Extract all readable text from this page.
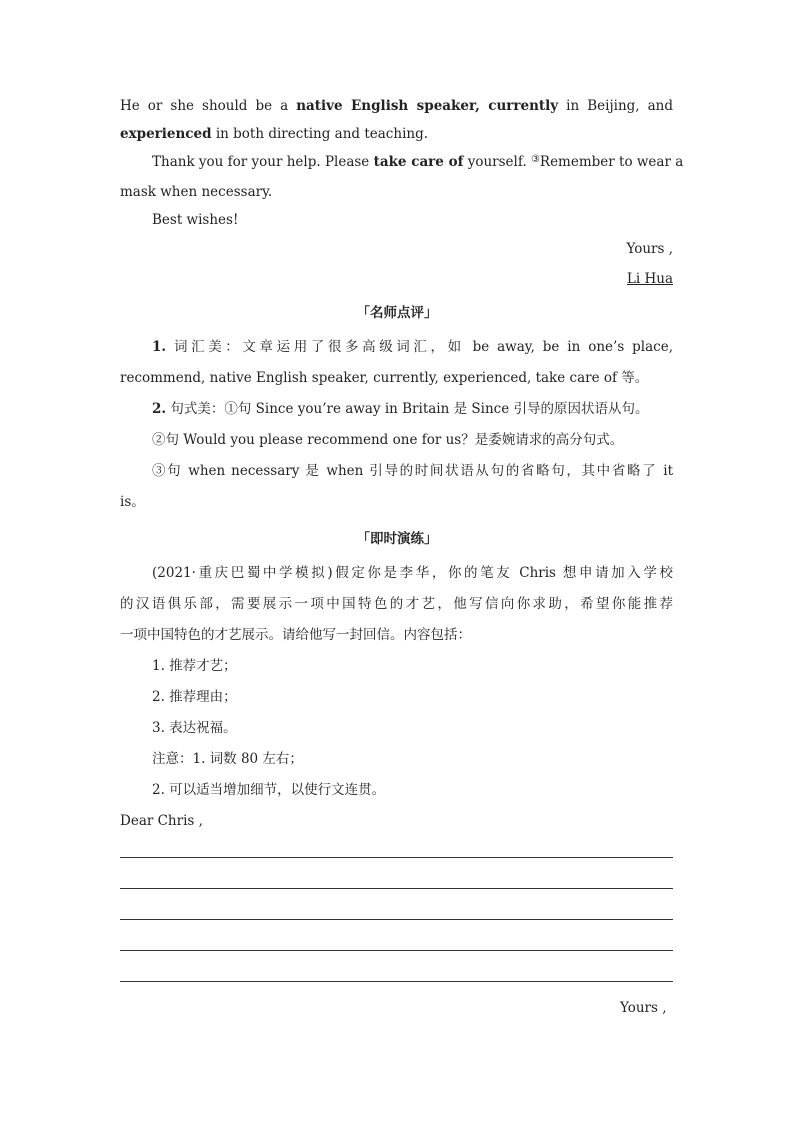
He or she should be a native English speaker, currently in Beijing, and
experienced in both directing and teaching.
Thank you for your help. Please take care of yourself. ③Remember to wear a
mask when necessary.
Best wishes!
Yours ,
Li Hua
「名师点评」
1. 词汇美：文章运用了很多高级词汇，如 be away, be in one’s place,
recommend, native English speaker, currently, experienced, take care of 等。
2. 句式美：①句 Since you’re away in Britain 是 Since 引导的原因状语从句。
②句 Would you please recommend one for us？是委婉请求的高分句式。
③句 when necessary 是 when 引导的时间状语从句的省略句，其中省略了 it
is。
「即时演练」
(2021·重庆巴蜀中学模拟)假定你是李华，你的笔友 Chris 想申请加入学校
的汉语俱乐部，需要展示一项中国特色的才艺，他写信向你求助，希望你能推荐
一项中国特色的才艺展示。请给他写一封回信。内容包括：
1. 推荐才艺；
2. 推荐理由；
3. 表达祝福。
注意：1. 词数 80 左右；
2. 可以适当增加细节，以使行文连贯。
Dear Chris ,
Yours ,
